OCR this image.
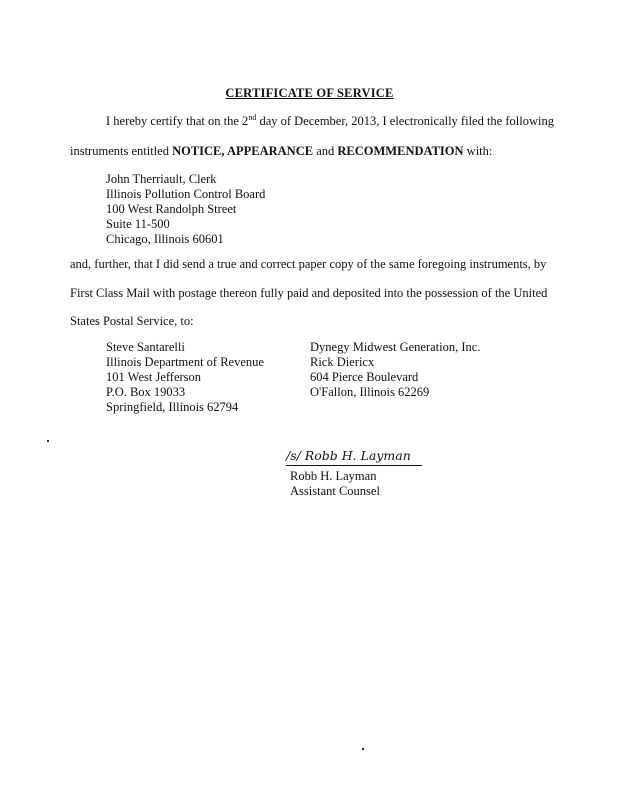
CERTIFICATE OF SERVICE
I hereby certify that on the 2nd day of December, 2013, I electronically filed the following
instruments entitled NOTICE, APPEARANCE and RECOMMENDATION with:
John Therriault, Clerk
Illinois Pollution Control Board
100 West Randolph Street
Suite 11-500
Chicago, Illinois 60601
and, further, that I did send a true and correct paper copy of the same foregoing instruments, by
First Class Mail with postage thereon fully paid and deposited into the possession of the United
States Postal Service, to:
Steve Santarelli
Illinois Department of Revenue
101 West Jefferson
P.O. Box 19033
Springfield, Illinois 62794
Dynegy Midwest Generation, Inc.
Rick Diericx
604 Pierce Boulevard
O'Fallon, Illinois 62269
/s/ Robb H. Layman
Robb H. Layman
Assistant Counsel
